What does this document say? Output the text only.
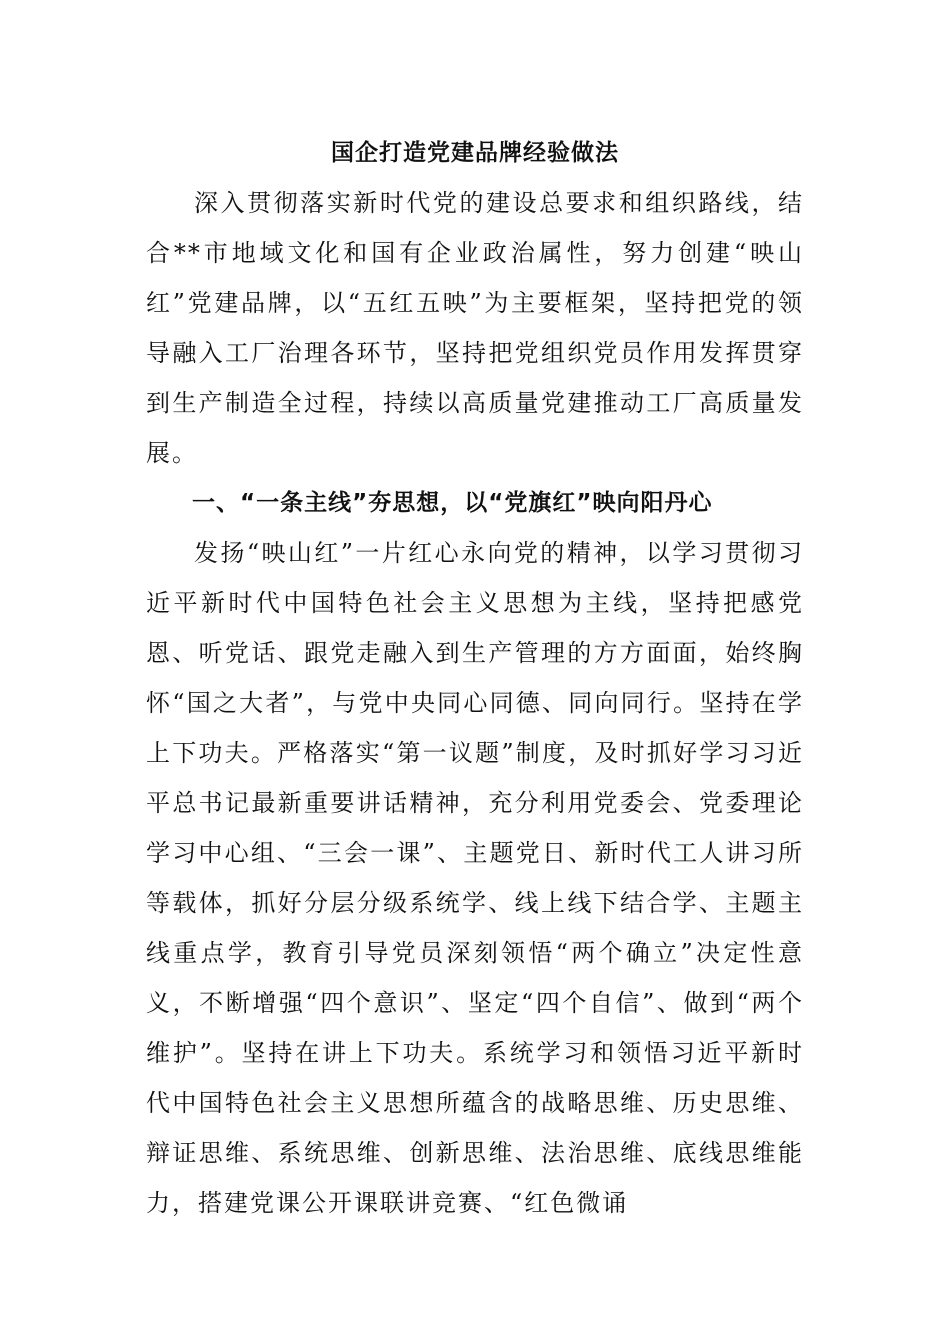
国企打造党建品牌经验做法

深入贯彻落实新时代党的建设总要求和组织路线，结合**市地域文化和国有企业政治属性，努力创建“映山红”党建品牌，以“五红五映”为主要框架，坚持把党的领导融入工厂治理各环节，坚持把党组织党员作用发挥贯穿到生产制造全过程，持续以高质量党建推动工厂高质量发展。

一、“一条主线”夯思想，以“党旗红”映向阳丹心

发扬“映山红”一片红心永向党的精神，以学习贯彻习近平新时代中国特色社会主义思想为主线，坚持把感党恩、听党话、跟党走融入到生产管理的方方面面，始终胸怀“国之大者”，与党中央同心同德、同向同行。坚持在学上下功夫。严格落实“第一议题”制度，及时抓好学习习近平总书记最新重要讲话精神，充分利用党委会、党委理论学习中心组、“三会一课”、主题党日、新时代工人讲习所等载体，抓好分层分级系统学、线上线下结合学、主题主线重点学，教育引导党员深刻领悟“两个确立”决定性意义，不断增强“四个意识”、坚定“四个自信”、做到“两个维护”。坚持在讲上下功夫。系统学习和领悟习近平新时代中国特色社会主义思想所蕴含的战略思维、历史思维、辩证思维、系统思维、创新思维、法治思维、底线思维能力，搭建党课公开课联讲竞赛、“红色微诵
